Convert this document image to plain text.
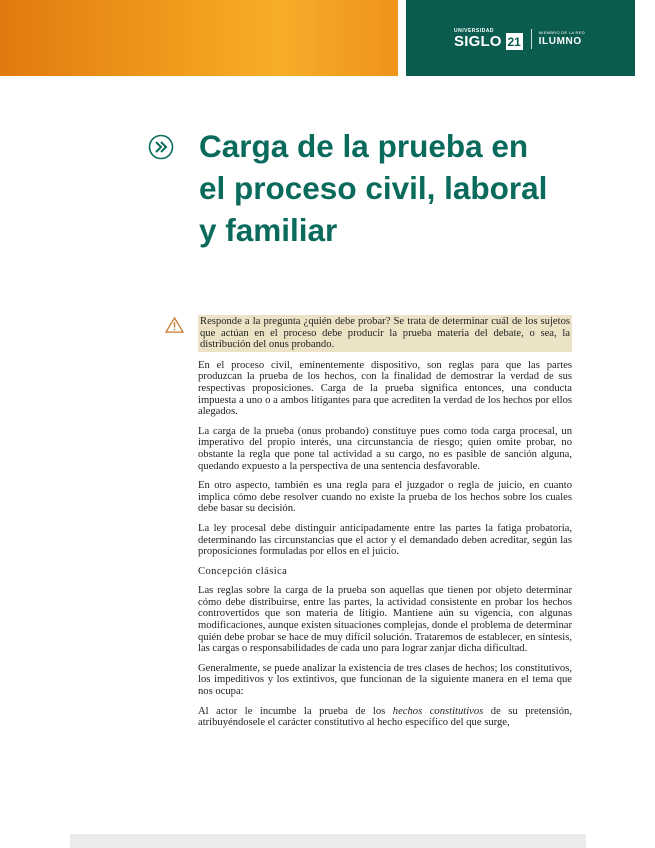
UNIVERSIDAD
SIGLO 21
MIEMBRO DE LA RED
ILUMNO
Carga de la prueba en el proceso civil, laboral y familiar

Responde a la pregunta ¿quién debe probar? Se trata de determinar cuál de los sujetos que actúan en el proceso debe producir la prueba materia del debate, o sea, la distribución del onus probando.

En el proceso civil, eminentemente dispositivo, son reglas para que las partes produzcan la prueba de los hechos, con la finalidad de demostrar la verdad de sus respectivas proposiciones. Carga de la prueba significa entonces, una conducta impuesta a uno o a ambos litigantes para que acrediten la verdad de los hechos por ellos alegados.

La carga de la prueba (onus probando) constituye pues como toda carga procesal, un imperativo del propio interés, una circunstancia de riesgo; quien omite probar, no obstante la regla que pone tal actividad a su cargo, no es pasible de sanción alguna, quedando expuesto a la perspectiva de una sentencia desfavorable.

En otro aspecto, también es una regla para el juzgador o regla de juicio, en cuanto implica cómo debe resolver cuando no existe la prueba de los hechos sobre los cuales debe basar su decisión.

La ley procesal debe distinguir anticipadamente entre las partes la fatiga probatoria, determinando las circunstancias que el actor y el demandado deben acreditar, según las proposiciones formuladas por ellos en el juicio.

Concepción clásica

Las reglas sobre la carga de la prueba son aquellas que tienen por objeto determinar cómo debe distribuirse, entre las partes, la actividad consistente en probar los hechos controvertidos que son materia de litigio. Mantiene aún su vigencia, con algunas modificaciones, aunque existen situaciones complejas, donde el problema de determinar quién debe probar se hace de muy difícil solución. Trataremos de establecer, en síntesis, las cargas o responsabilidades de cada uno para lograr zanjar dicha dificultad.

Generalmente, se puede analizar la existencia de tres clases de hechos; los constitutivos, los impeditivos y los extintivos, que funcionan de la siguiente manera en el tema que nos ocupa:

Al actor le incumbe la prueba de los hechos constitutivos de su pretensión, atribuyéndosele el carácter constitutivo al hecho específico del que surge,
